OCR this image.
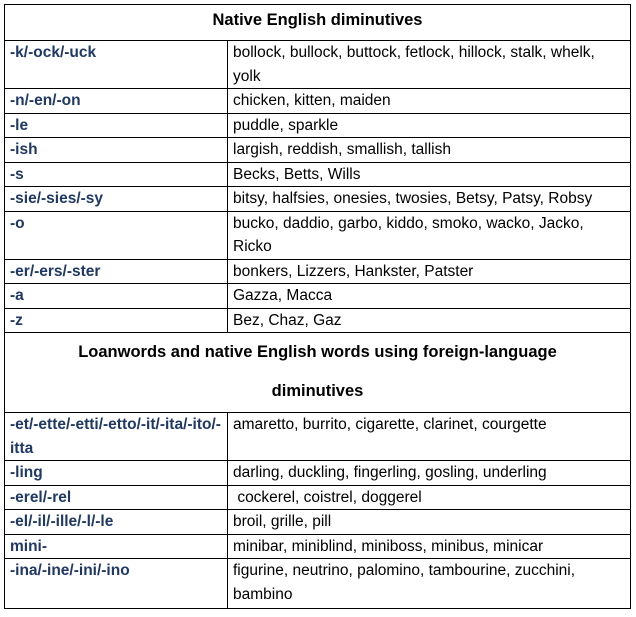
Native English diminutives	
-k/-ock/-uck	bollock, bullock, buttock, fetlock, hillock, stalk, whelk, yolk
-n/-en/-on	chicken, kitten, maiden
-le	puddle, sparkle
-ish	largish, reddish, smallish, tallish
-s	Becks, Betts, Wills
-sie/-sies/-sy	bitsy, halfsies, onesies, twosies, Betsy, Patsy, Robsy
-o	bucko, daddio, garbo, kiddo, smoko, wacko, Jacko, Ricko
-er/-ers/-ster	bonkers, Lizzers, Hankster, Patster
-a	Gazza, Macca
-z	Bez, Chaz, Gaz

Loanwords and native English words using foreign-language
diminutives	

-et/-ette/-etti/-etto/-it/-ita/-ito/-itta	amaretto, burrito, cigarette, clarinet, courgette
-ling	darling, duckling, fingerling, gosling, underling
-erel/-rel	cockerel, coistrel, doggerel
-el/-il/-ille/-l/-le	broil, grille, pill
mini-	minibar, miniblind, miniboss, minibus, minicar
-ina/-ine/-ini/-ino	figurine, neutrino, palomino, tambourine, zucchini, bambino
